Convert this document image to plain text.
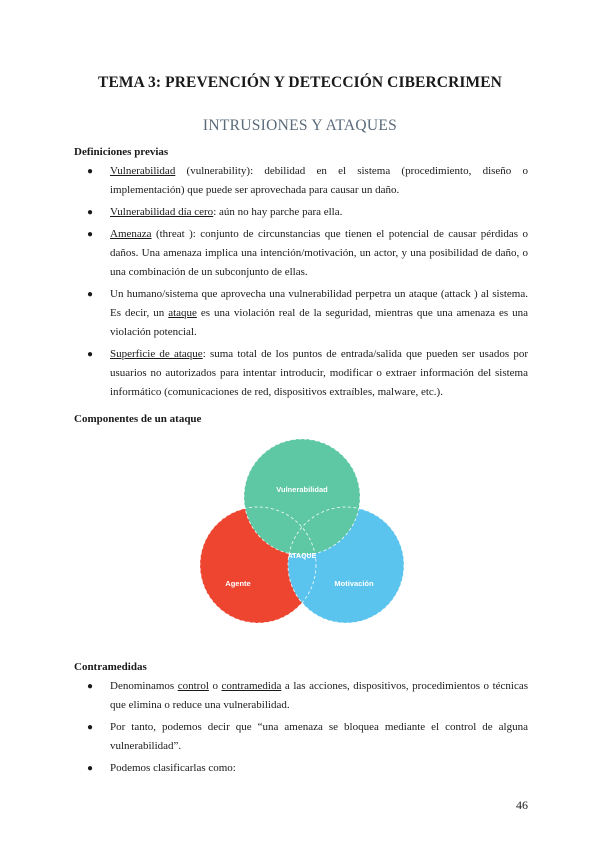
TEMA 3: PREVENCIÓN Y DETECCIÓN CIBERCRIMEN
INTRUSIONES Y ATAQUES
Definiciones previas
● Vulnerabilidad (vulnerability): debilidad en el sistema (procedimiento, diseño o implementación) que puede ser aprovechada para causar un daño.
● Vulnerabilidad día cero: aún no hay parche para ella.
● Amenaza (threat ): conjunto de circunstancias que tienen el potencial de causar pérdidas o daños. Una amenaza implica una intención/motivación, un actor, y una posibilidad de daño, o una combinación de un subconjunto de ellas.
● Un humano/sistema que aprovecha una vulnerabilidad perpetra un ataque (attack ) al sistema. Es decir, un ataque es una violación real de la seguridad, mientras que una amenaza es una violación potencial.
● Superficie de ataque: suma total de los puntos de entrada/salida que pueden ser usados por usuarios no autorizados para intentar introducir, modificar o extraer información del sistema informático (comunicaciones de red, dispositivos extraíbles, malware, etc.).
Componentes de un ataque
Vulnerabilidad
Agente	Motivación
ATAQUE
Contramedidas
● Denominamos control o contramedida a las acciones, dispositivos, procedimientos o técnicas que elimina o reduce una vulnerabilidad.
● Por tanto, podemos decir que “una amenaza se bloquea mediante el control de alguna vulnerabilidad”.
● Podemos clasificarlas como:
46
